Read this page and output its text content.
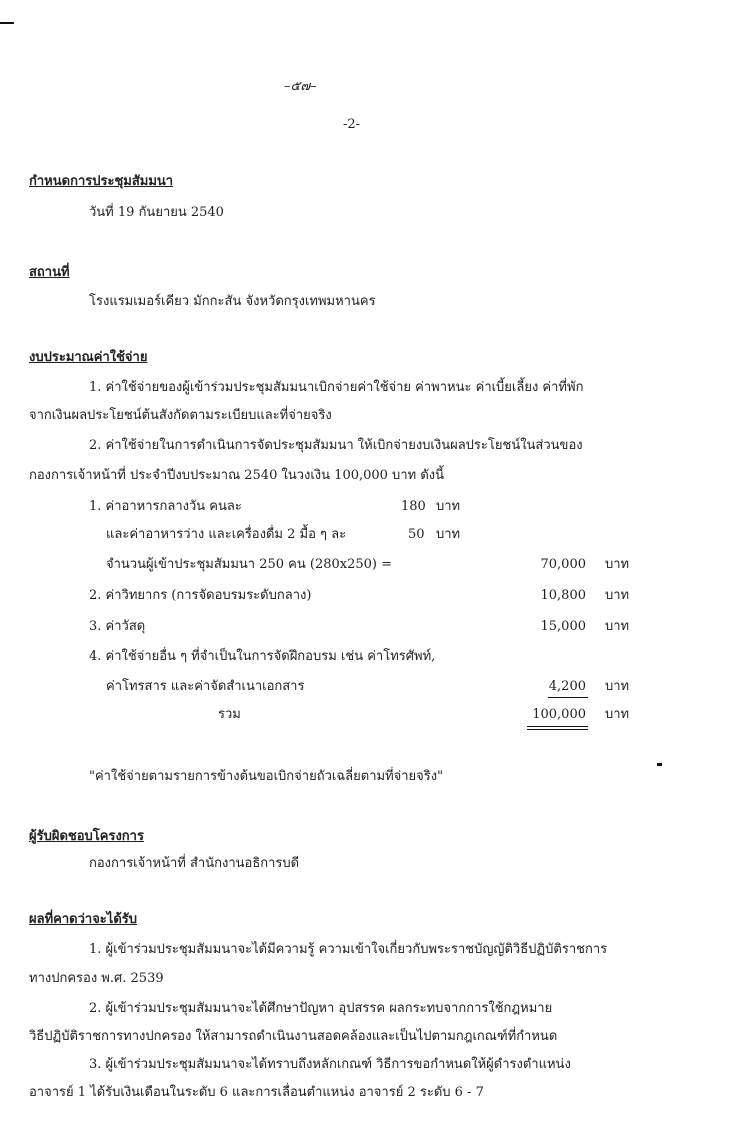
–๕๗–
-2-
กำหนดการประชุมสัมมนา
วันที่ 19 กันยายน 2540
สถานที่
โรงแรมเมอร์เคียว มักกะสัน จังหวัดกรุงเทพมหานคร
งบประมาณค่าใช้จ่าย
1. ค่าใช้จ่ายของผู้เข้าร่วมประชุมสัมมนาเบิกจ่ายค่าใช้จ่าย ค่าพาหนะ ค่าเบี้ยเลี้ยง ค่าที่พัก
จากเงินผลประโยชน์ต้นสังกัดตามระเบียบและที่จ่ายจริง
2. ค่าใช้จ่ายในการดำเนินการจัดประชุมสัมมนา ให้เบิกจ่ายงบเงินผลประโยชน์ในส่วนของ
กองการเจ้าหน้าที่ ประจำปีงบประมาณ 2540 ในวงเงิน 100,000 บาท ดังนี้
1. ค่าอาหารกลางวัน คนละ	180 บาท
และค่าอาหารว่าง และเครื่องดื่ม 2 มื้อ ๆ ละ	50 บาท
จำนวนผู้เข้าประชุมสัมมนา 250 คน (280x250) =	70,000 บาท
2. ค่าวิทยากร (การจัดอบรมระดับกลาง)	10,800 บาท
3. ค่าวัสดุ	15,000 บาท
4. ค่าใช้จ่ายอื่น ๆ ที่จำเป็นในการจัดฝึกอบรม เช่น ค่าโทรศัพท์,
ค่าโทรสาร และค่าจัดสำเนาเอกสาร	4,200 บาท
รวม	100,000 บาท
"ค่าใช้จ่ายตามรายการข้างต้นขอเบิกจ่ายถัวเฉลี่ยตามที่จ่ายจริง"
ผู้รับผิดชอบโครงการ
กองการเจ้าหน้าที่ สำนักงานอธิการบดี
ผลที่คาดว่าจะได้รับ
1. ผู้เข้าร่วมประชุมสัมมนาจะได้มีความรู้ ความเข้าใจเกี่ยวกับพระราชบัญญัติวิธีปฏิบัติราชการ
ทางปกครอง พ.ศ. 2539
2. ผู้เข้าร่วมประชุมสัมมนาจะได้ศึกษาปัญหา อุปสรรค ผลกระทบจากการใช้กฎหมาย
วิธีปฏิบัติราชการทางปกครอง ให้สามารถดำเนินงานสอดคล้องและเป็นไปตามกฎเกณฑ์ที่กำหนด
3. ผู้เข้าร่วมประชุมสัมมนาจะได้ทราบถึงหลักเกณฑ์ วิธีการขอกำหนดให้ผู้ดำรงตำแหน่ง
อาจารย์ 1 ได้รับเงินเดือนในระดับ 6 และการเลื่อนตำแหน่ง อาจารย์ 2 ระดับ 6 - 7
